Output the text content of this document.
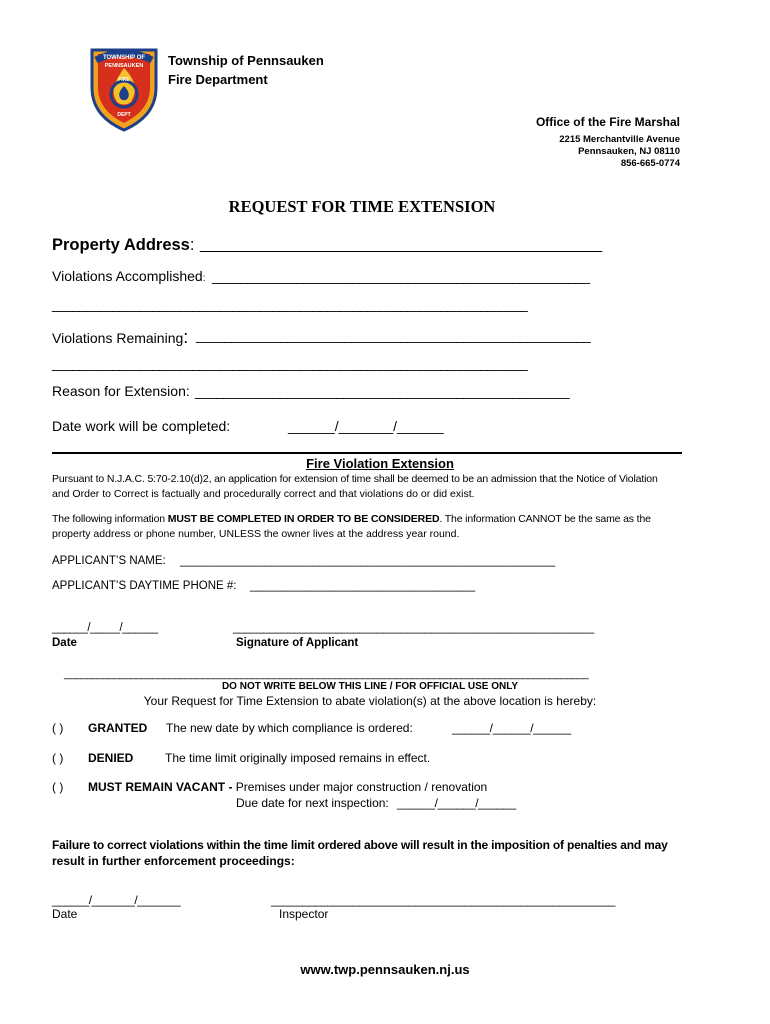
TOWNSHIP OF
PENNSAUKEN
FIRE
DEPT
Township of Pennsauken
Fire Department
Office of the Fire Marshal
2215 Merchantville Avenue
Pennsauken, NJ 08110
856-665-0774
REQUEST FOR TIME EXTENSION
Property Address: _______________________________________________
Violations Accomplished: ______________________________________________________
_______________________________________________________________________
Violations Remaining: ________________________________________________________
_______________________________________________________________________
Reason for Extension: _____________________________________________________
Date work will be completed:	______/_______/______
Fire Violation Extension
Pursuant to N.J.A.C. 5:70-2.10(d)2, an application for extension of time shall be deemed to be an admission that the Notice of Violation
and Order to Correct is factually and procedurally correct and that violations do or did exist.
The following information MUST BE COMPLETED IN ORDER TO BE CONSIDERED. The information CANNOT be the same as the
property address or phone number, UNLESS the owner lives at the address year round.
APPLICANT’S NAME: ______________________________________________________________
APPLICANT’S DAYTIME PHONE #: _____________________________________
______/_____/______
Date
____________________________________________________________
Signature of Applicant
_______________________________________________________________________________________________
DO NOT WRITE BELOW THIS LINE / FOR OFFICIAL USE ONLY
Your Request for Time Extension to abate violation(s) at the above location is hereby:
( ) GRANTED The new date by which compliance is ordered:	______/______/______
( ) DENIED	The time limit originally imposed remains in effect.
( ) MUST REMAIN VACANT - Premises under major construction / renovation
Due date for next inspection: ______/______/______
Failure to correct violations within the time limit ordered above will result in the imposition of penalties and may
result in further enforcement proceedings:
______/_______/_______
Date
_______________________________________________________
Inspector
www.twp.pennsauken.nj.us
